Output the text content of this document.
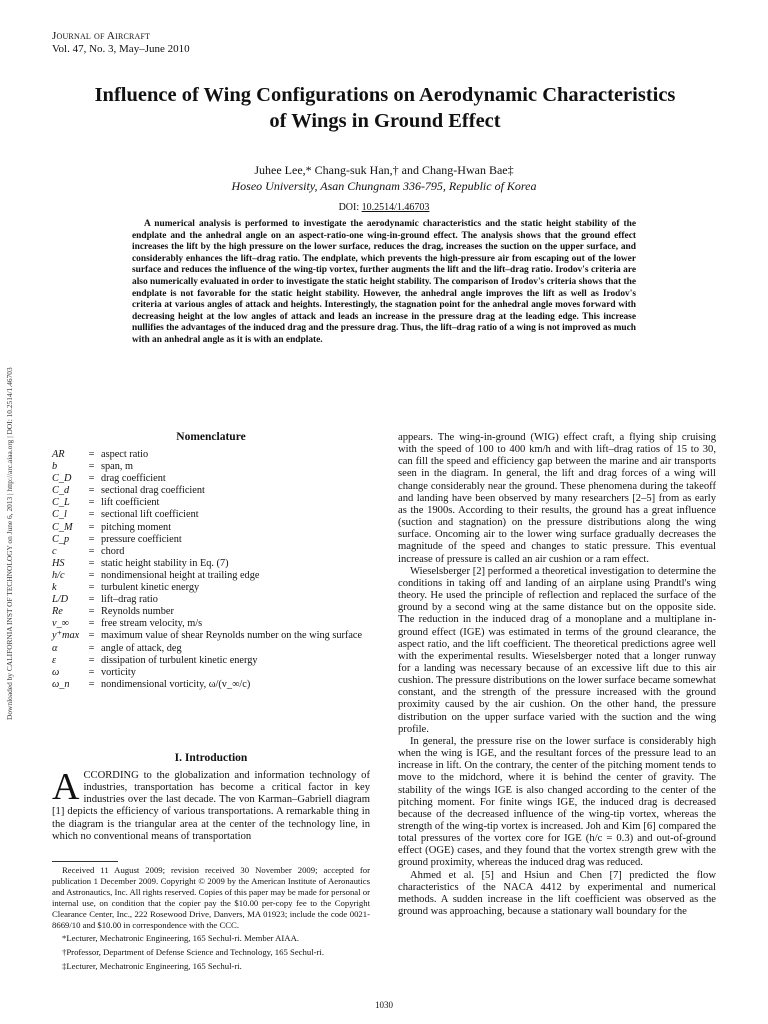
Journal of Aircraft
Vol. 47, No. 3, May–June 2010
Influence of Wing Configurations on Aerodynamic Characteristics of Wings in Ground Effect
Juhee Lee,* Chang-suk Han,† and Chang-Hwan Bae‡
Hoseo University, Asan Chungnam 336-795, Republic of Korea
DOI: 10.2514/1.46703
A numerical analysis is performed to investigate the aerodynamic characteristics and the static height stability of the endplate and the anhedral angle on an aspect-ratio-one wing-in-ground effect. The analysis shows that the ground effect increases the lift by the high pressure on the lower surface, reduces the drag, increases the suction on the upper surface, and considerably enhances the lift–drag ratio. The endplate, which prevents the high-pressure air from escaping out of the lower surface and reduces the influence of the wing-tip vortex, further augments the lift and the lift–drag ratio. Irodov's criteria are also numerically evaluated in order to investigate the static height stability. The comparison of Irodov's criteria shows that the endplate is not favorable for the static height stability. However, the anhedral angle improves the lift as well as Irodov's criteria at various angles of attack and heights. Interestingly, the stagnation point for the anhedral angle moves forward with decreasing height at the low angles of attack and leads an increase in the pressure drag at the leading edge. This increase nullifies the advantages of the induced drag and the pressure drag. Thus, the lift–drag ratio of a wing is not improved as much with an anhedral angle as it is with an endplate.
Downloaded by CALIFORNIA INST OF TECHNOLOGY on June 6, 2013 | http://arc.aiaa.org | DOI: 10.2514/1.46703	Nomenclature
AR	=	aspect ratio
b	=	span, m
C_D	=	drag coefficient
C_d	=	sectional drag coefficient
C_L	=	lift coefficient
C_l	=	sectional lift coefficient
C_M	=	pitching moment
C_p	=	pressure coefficient
c	=	chord
HS	=	static height stability in Eq. (7)
h/c	=	nondimensional height at trailing edge
k	=	turbulent kinetic energy
L/D	=	lift–drag ratio
Re	=	Reynolds number
v_∞	=	free stream velocity, m/s
y⁺max	=	maximum value of shear Reynolds number on the wing surface
α	=	angle of attack, deg
ε	=	dissipation of turbulent kinetic energy
ω	=	vorticity
ω_n	=	nondimensional vorticity, ω/(v_∞/c)
I. Introduction
ACCORDING to the globalization and information technology of industries, transportation has become a critical factor in key industries over the last decade. The von Karman–Gabriell diagram [1] depicts the efficiency of various transportations. A remarkable thing in the diagram is the triangular area at the center of the technology line, in which no conventional means of transportation

Received 11 August 2009; revision received 30 November 2009; accepted for publication 1 December 2009. Copyright © 2009 by the American Institute of Aeronautics and Astronautics, Inc. All rights reserved. Copies of this paper may be made for personal or internal use, on condition that the copier pay the $10.00 per-copy fee to the Copyright Clearance Center, Inc., 222 Rosewood Drive, Danvers, MA 01923; include the code 0021-8669/10 and $10.00 in correspondence with the CCC.

*Lecturer, Mechatronic Engineering, 165 Sechul-ri. Member AIAA.

†Professor, Department of Defense Science and Technology, 165 Sechul-ri.

‡Lecturer, Mechatronic Engineering, 165 Sechul-ri.

appears. The wing-in-ground (WIG) effect craft, a flying ship cruising with the speed of 100 to 400 km/h and with lift–drag ratios of 15 to 30, can fill the speed and efficiency gap between the marine and air transports seen in the diagram. In general, the lift and drag forces of a wing will change considerably near the ground. These phenomena during the takeoff and landing have been observed by many researchers [2–5] from as early as the 1900s. According to their results, the ground has a great influence (suction and stagnation) on the pressure distributions along the wing surface. Oncoming air to the lower wing surface gradually decreases the magnitude of the speed and changes to static pressure. This eventual increase of pressure is called an air cushion or a ram effect.

Wieselsberger [2] performed a theoretical investigation to determine the conditions in taking off and landing of an airplane using Prandtl's wing theory. He used the principle of reflection and replaced the surface of the ground by a second wing at the same distance but on the opposite side. The reduction in the induced drag of a monoplane and a multiplane in-ground effect (IGE) was estimated in terms of the ground clearance, the aspect ratio, and the lift coefficient. The theoretical predictions agree well with the experimental results. Wieselsberger noted that a longer runway for a landing was necessary because of an excessive lift due to this air cushion. The pressure distributions on the lower surface became somewhat constant, and the strength of the pressure increased with the ground proximity caused by the air cushion. On the other hand, the pressure distribution on the upper surface varied with the suction and the wing profile.

In general, the pressure rise on the lower surface is considerably high when the wing is IGE, and the resultant forces of the pressure lead to an increase in lift. On the contrary, the center of the pitching moment tends to move to the midchord, where it is behind the center of gravity. The stability of the wings IGE is also changed according to the center of the pitching moment. For finite wings IGE, the induced drag is decreased because of the decreased influence of the wing-tip vortex, whereas the strength of the wing-tip vortex is increased. Joh and Kim [6] compared the total pressures of the vortex core for IGE (h/c = 0.3) and out-of-ground effect (OGE) cases, and they found that the vortex strength grew with the ground proximity, whereas the induced drag was reduced.

Ahmed et al. [5] and Hsiun and Chen [7] predicted the flow characteristics of the NACA 4412 by experimental and numerical methods. A sudden increase in the lift coefficient was observed as the ground was approaching, because a stationary wall boundary for the

1030
